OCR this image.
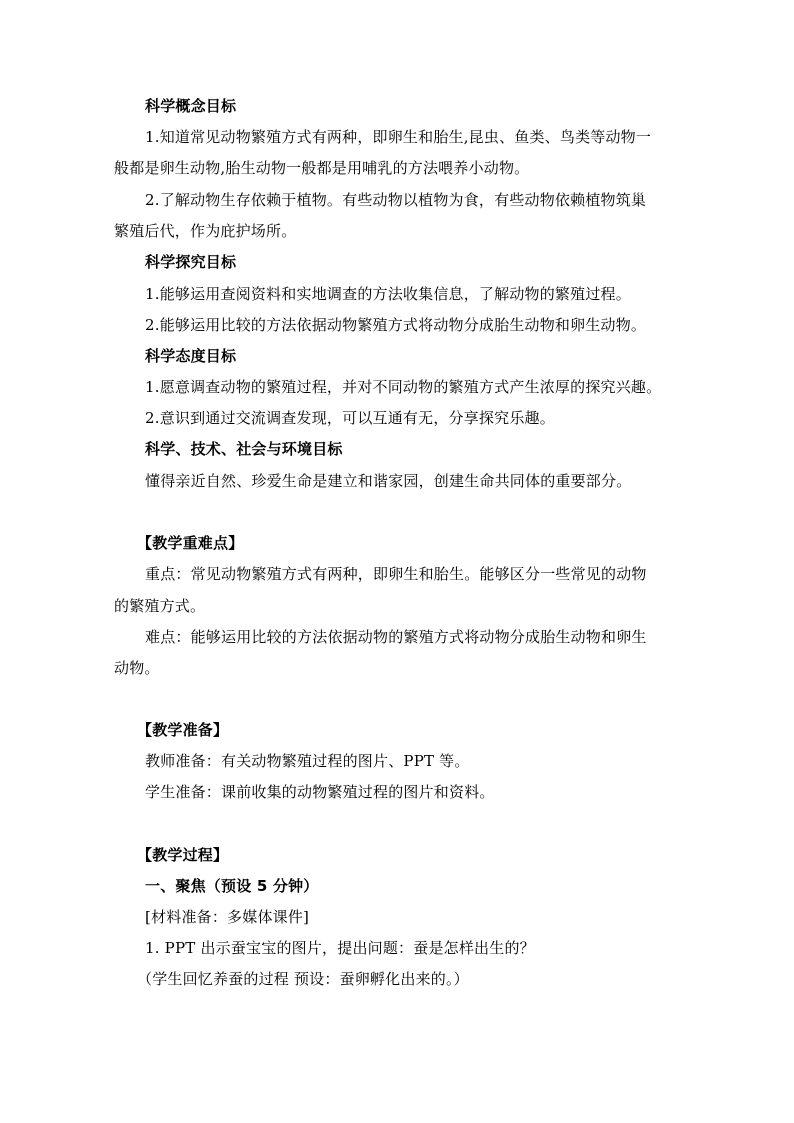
科学概念目标
1.知道常见动物繁殖方式有两种，即卵生和胎生,昆虫、鱼类、鸟类等动物一
般都是卵生动物,胎生动物一般都是用哺乳的方法喂养小动物。
2.了解动物生存依赖于植物。有些动物以植物为食，有些动物依赖植物筑巢
繁殖后代，作为庇护场所。
科学探究目标
1.能够运用查阅资料和实地调查的方法收集信息，了解动物的繁殖过程。
2.能够运用比较的方法依据动物繁殖方式将动物分成胎生动物和卵生动物。
科学态度目标
1.愿意调查动物的繁殖过程，并对不同动物的繁殖方式产生浓厚的探究兴趣。
2.意识到通过交流调查发现，可以互通有无，分享探究乐趣。
科学、技术、社会与环境目标
懂得亲近自然、珍爱生命是建立和谐家园，创建生命共同体的重要部分。
【教学重难点】
重点：常见动物繁殖方式有两种，即卵生和胎生。能够区分一些常见的动物
的繁殖方式。
难点：能够运用比较的方法依据动物的繁殖方式将动物分成胎生动物和卵生
动物。
【教学准备】
教师准备：有关动物繁殖过程的图片、PPT 等。
学生准备：课前收集的动物繁殖过程的图片和资料。
【教学过程】
一、聚焦（预设 5 分钟）
[材料准备：多媒体课件]
1. PPT 出示蚕宝宝的图片，提出问题：蚕是怎样出生的？
（学生回忆养蚕的过程 预设：蚕卵孵化出来的。）
